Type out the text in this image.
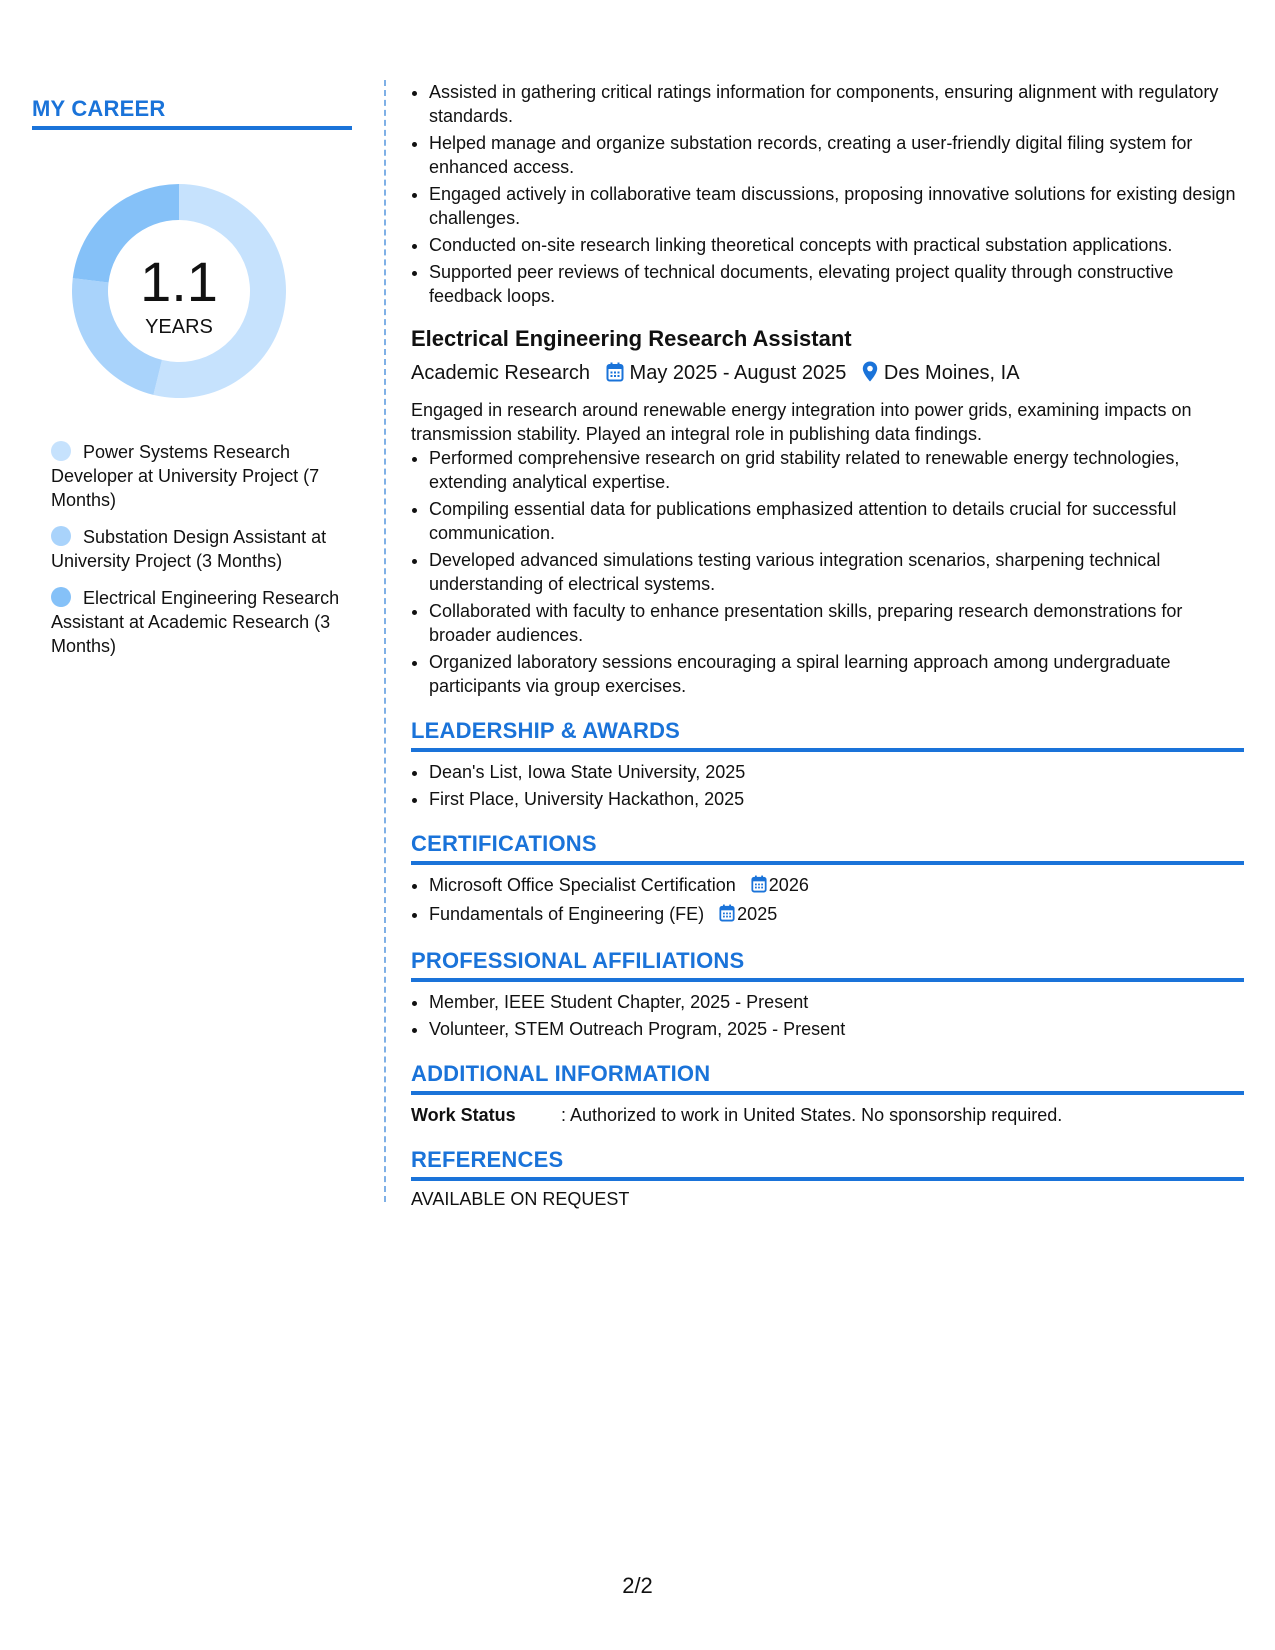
MY CAREER
1.1
YEARS
Power Systems Research Developer at University Project (7 Months)
Substation Design Assistant at University Project (3 Months)
Electrical Engineering Research Assistant at Academic Research (3 Months)
• Assisted in gathering critical ratings information for components, ensuring alignment with regulatory standards.
• Helped manage and organize substation records, creating a user-friendly digital filing system for enhanced access.
• Engaged actively in collaborative team discussions, proposing innovative solutions for existing design challenges.
• Conducted on-site research linking theoretical concepts with practical substation applications.
• Supported peer reviews of technical documents, elevating project quality through constructive feedback loops.
Electrical Engineering Research Assistant
Academic Research May 2025 - August 2025 Des Moines, IA
Engaged in research around renewable energy integration into power grids, examining impacts on transmission stability. Played an integral role in publishing data findings.
• Performed comprehensive research on grid stability related to renewable energy technologies, extending analytical expertise.
• Compiling essential data for publications emphasized attention to details crucial for successful communication.
• Developed advanced simulations testing various integration scenarios, sharpening technical understanding of electrical systems.
• Collaborated with faculty to enhance presentation skills, preparing research demonstrations for broader audiences.
• Organized laboratory sessions encouraging a spiral learning approach among undergraduate participants via group exercises.
LEADERSHIP & AWARDS
• Dean's List, Iowa State University, 2025
• First Place, University Hackathon, 2025
CERTIFICATIONS
• Microsoft Office Specialist Certification 2026
• Fundamentals of Engineering (FE) 2025
PROFESSIONAL AFFILIATIONS
• Member, IEEE Student Chapter, 2025 - Present
• Volunteer, STEM Outreach Program, 2025 - Present
ADDITIONAL INFORMATION
Work Status	: Authorized to work in United States. No sponsorship required.
REFERENCES
AVAILABLE ON REQUEST
2/2
